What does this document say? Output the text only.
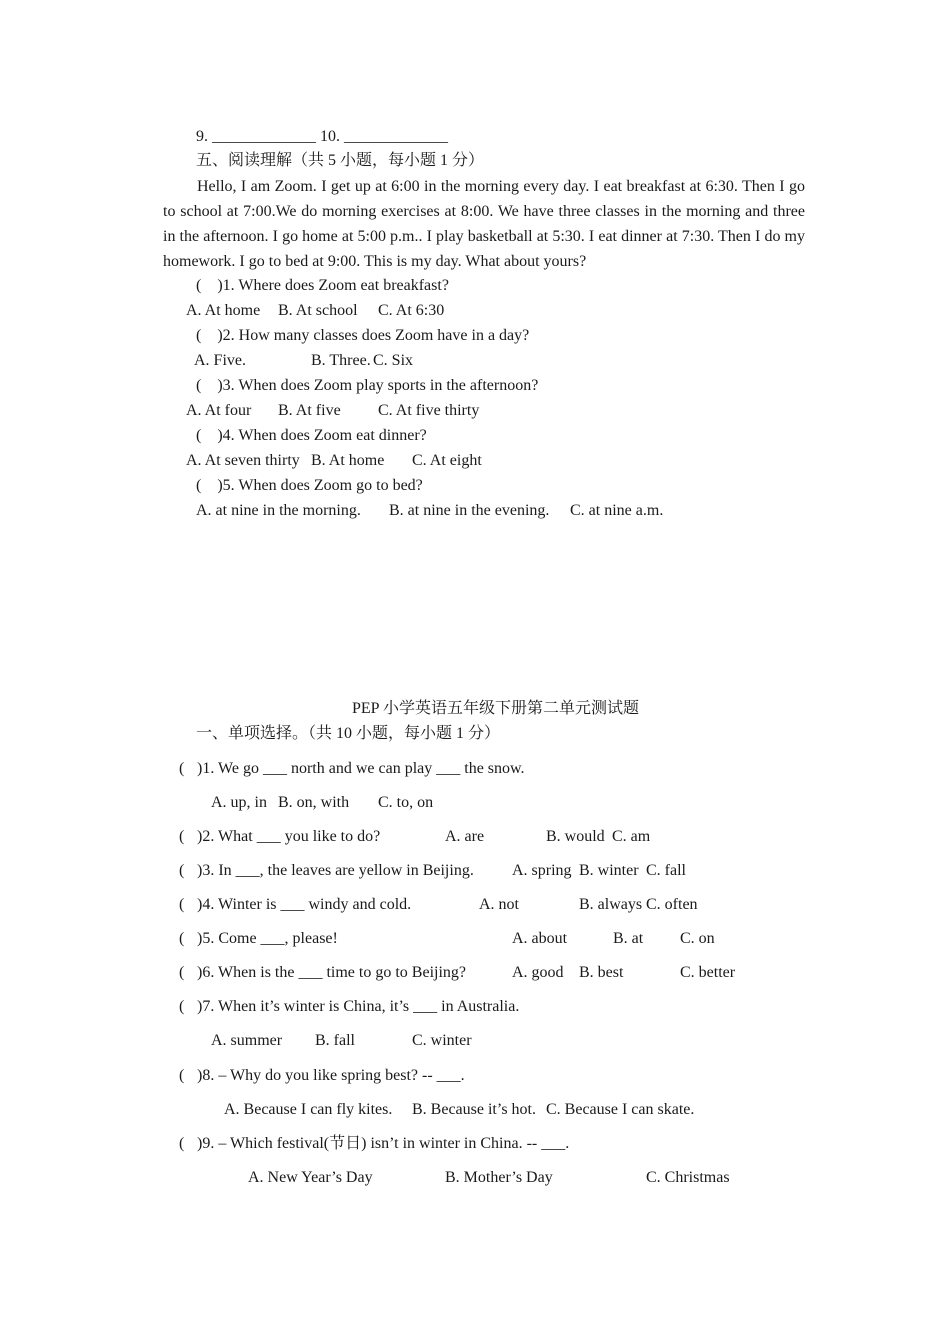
9. _____________ 10. _____________
五、阅读理解（共 5 小题，每小题 1 分）
Hello, I am Zoom. I get up at 6:00 in the morning every day. I eat breakfast at 6:30. Then I go to school at 7:00.We do morning exercises at 8:00. We have three classes in the morning and three in the afternoon. I go home at 5:00 p.m.. I play basketball at 5:30. I eat dinner at 7:30. Then I do my homework. I go to bed at 9:00. This is my day. What about yours?
(    )1. Where does Zoom eat breakfast?
A. At home B. At school C. At 6:30
(    )2. How many classes does Zoom have in a day?
A. Five.	B. Three. C. Six
(    )3. When does Zoom play sports in the afternoon?
A. At four B. At five C. At five thirty
(    )4. When does Zoom eat dinner?
A. At seven thirty B. At home C. At eight
(    )5. When does Zoom go to bed?
A. at nine in the morning. B. at nine in the evening. C. at nine a.m.
PEP 小学英语五年级下册第二单元测试题
一、单项选择。（共 10 小题，每小题 1 分）
( )1. We go ___ north and we can play ___ the snow.
A. up, in B. on, with C. to, on
( )2. What ___ you like to do?	A. are	B. would C. am
( )3. In ___, the leaves are yellow in Beijing. A. spring B. winter C. fall
( )4. Winter is ___ windy and cold.	A. not	B. always C. often
( )5. Come ___, please!	A. about	B. at C. on
( )6. When is the ___ time to go to Beijing?	A. good B. best	C. better
( )7. When it’s winter is China, it’s ___ in Australia.
A. summer B. fall	C. winter
( )8. – Why do you like spring best? -- ___.
A. Because I can fly kites. B. Because it’s hot. C. Because I can skate.
( )9. – Which festival(节日) isn’t in winter in China. -- ___.
A. New Year’s Day	B. Mother’s Day	C. Christmas
